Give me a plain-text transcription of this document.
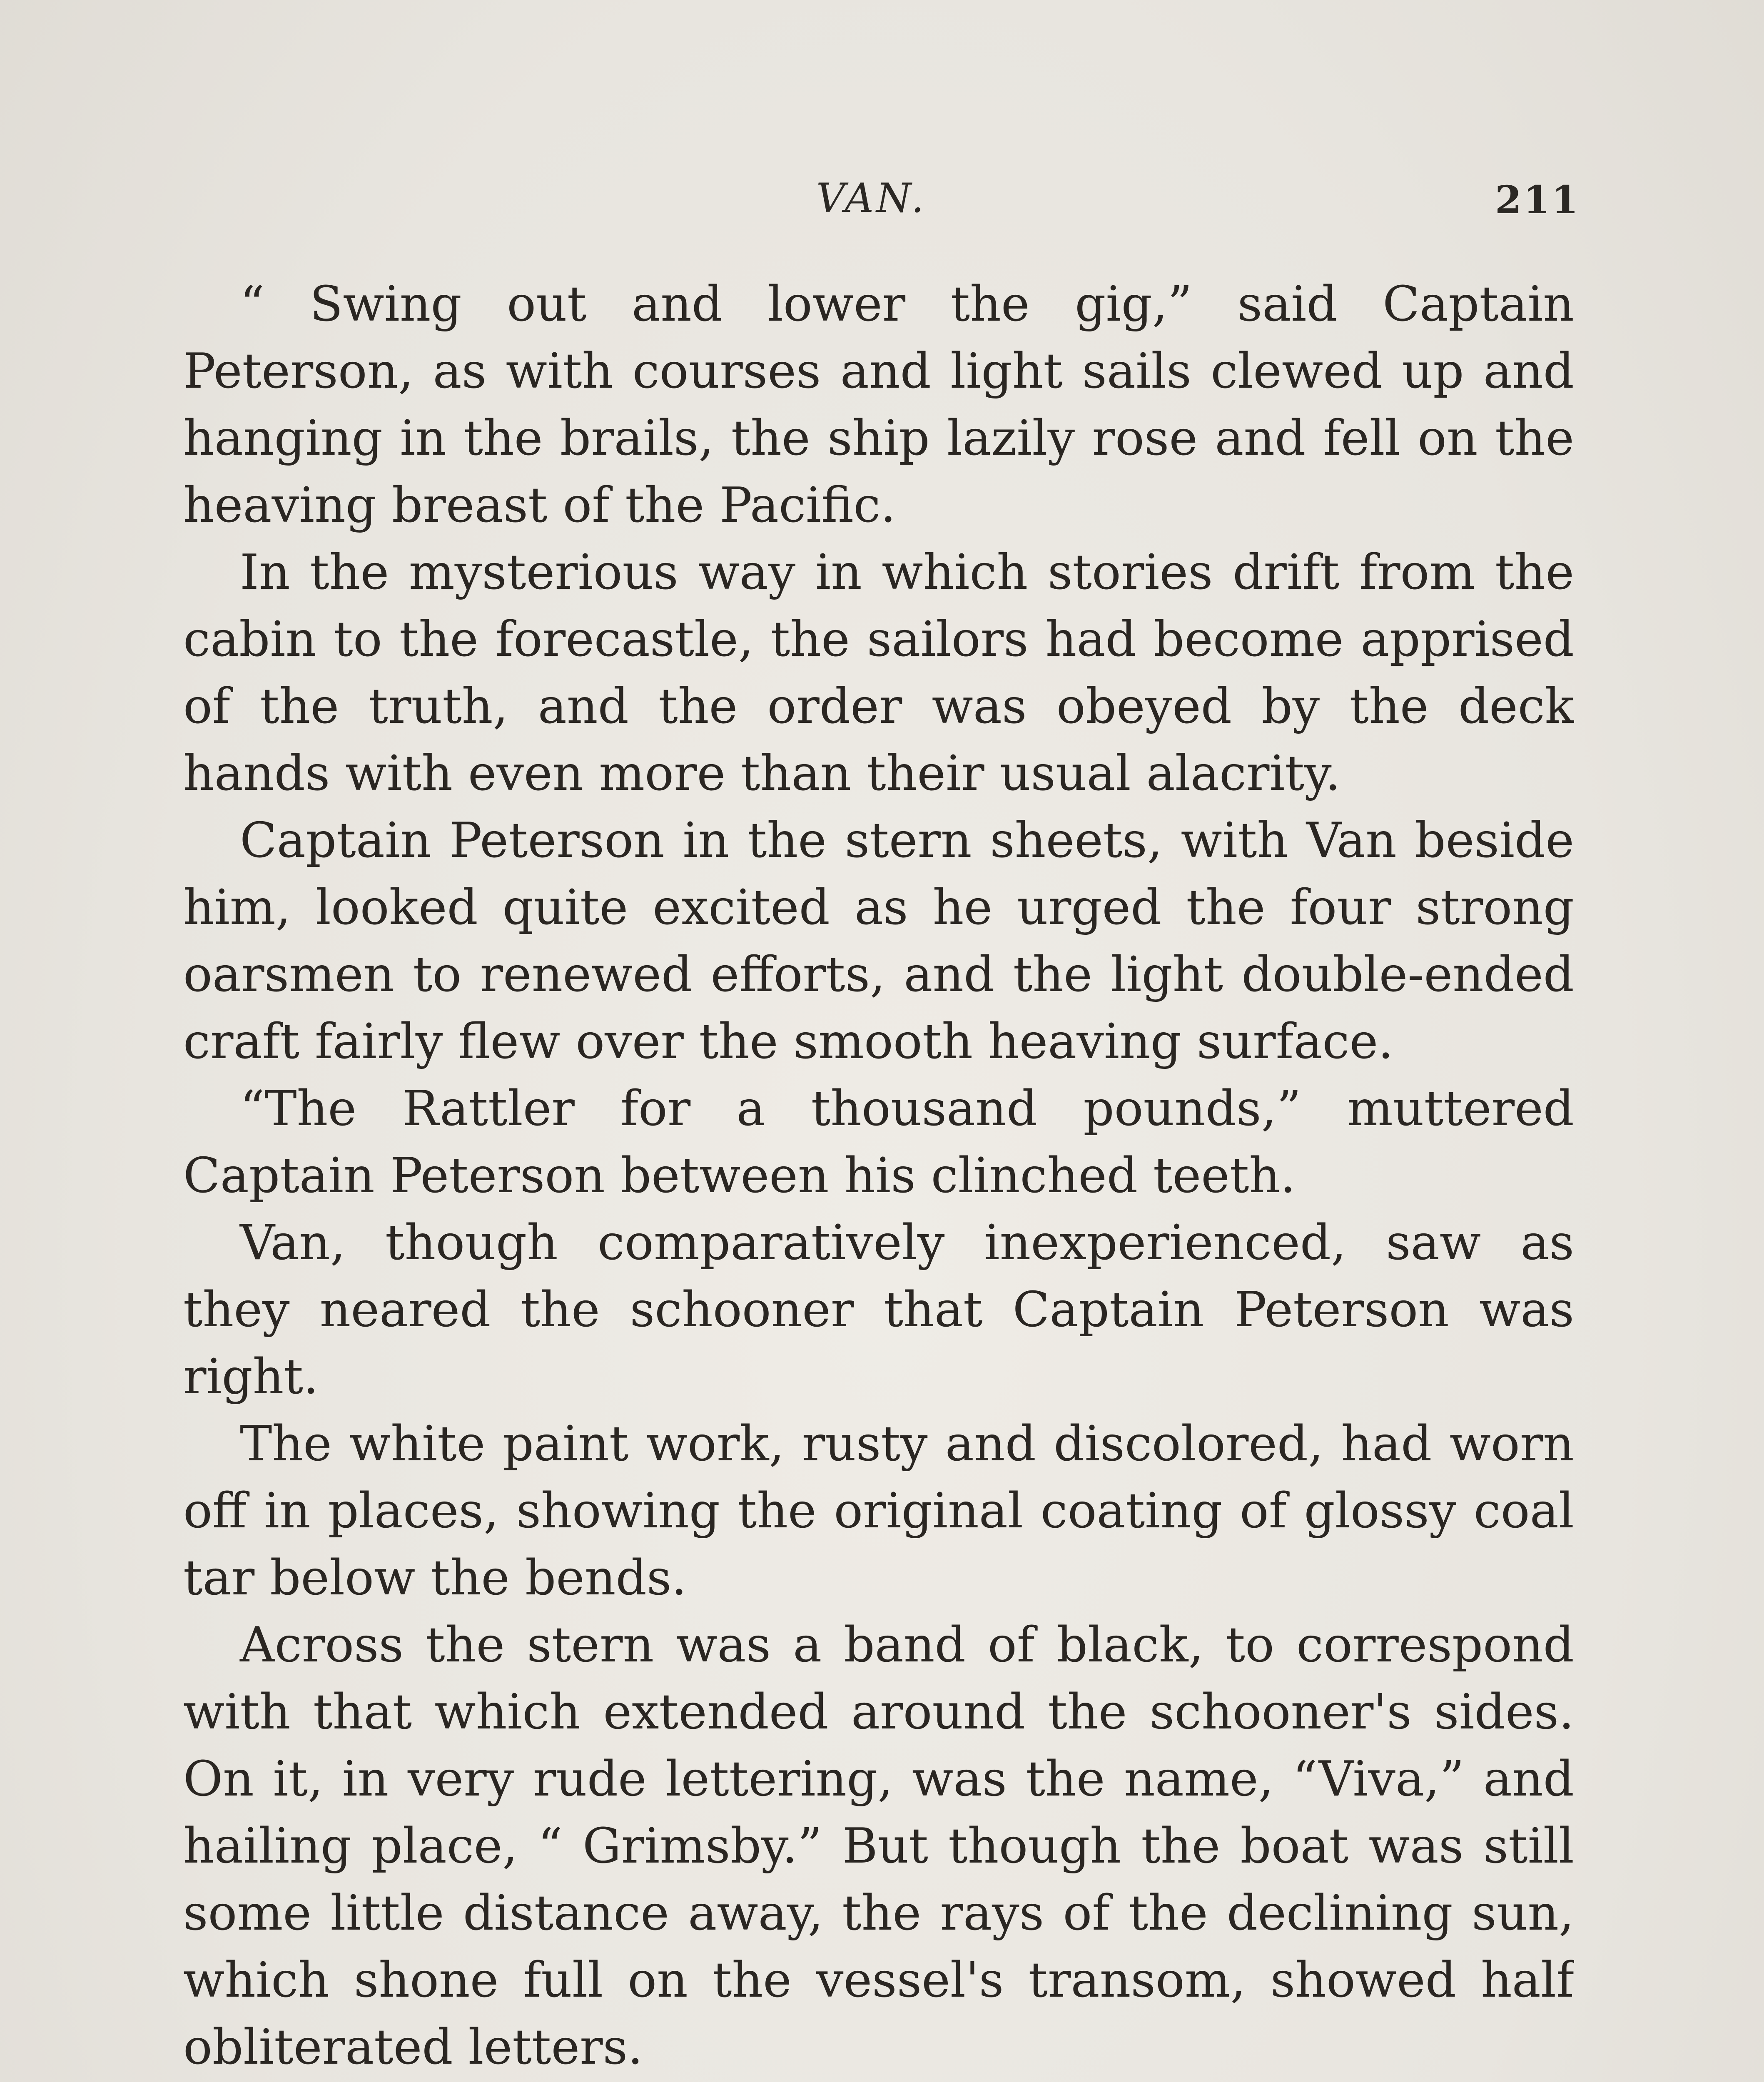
VAN.	211

“ Swing out and lower the gig,” said Captain Peterson, as with courses and light sails clewed up and hanging in the brails, the ship lazily rose and fell on the heaving breast of the Pacific.

In the mysterious way in which stories drift from the cabin to the forecastle, the sailors had become apprised of the truth, and the order was obeyed by the deck hands with even more than their usual alacrity.

Captain Peterson in the stern sheets, with Van beside him, looked quite excited as he urged the four strong oarsmen to renewed efforts, and the light double-ended craft fairly flew over the smooth heaving surface.

“The Rattler for a thousand pounds,” muttered Captain Peterson between his clinched teeth.

Van, though comparatively inexperienced, saw as they neared the schooner that Captain Peterson was right.

The white paint work, rusty and discolored, had worn off in places, showing the original coating of glossy coal tar below the bends.

Across the stern was a band of black, to correspond with that which extended around the schooner's sides. On it, in very rude lettering, was the name, “Viva,” and hailing place, “ Grimsby.” But though the boat was still some little distance away, the rays of the declining sun, which shone full on the vessel's transom, showed half obliterated letters.
